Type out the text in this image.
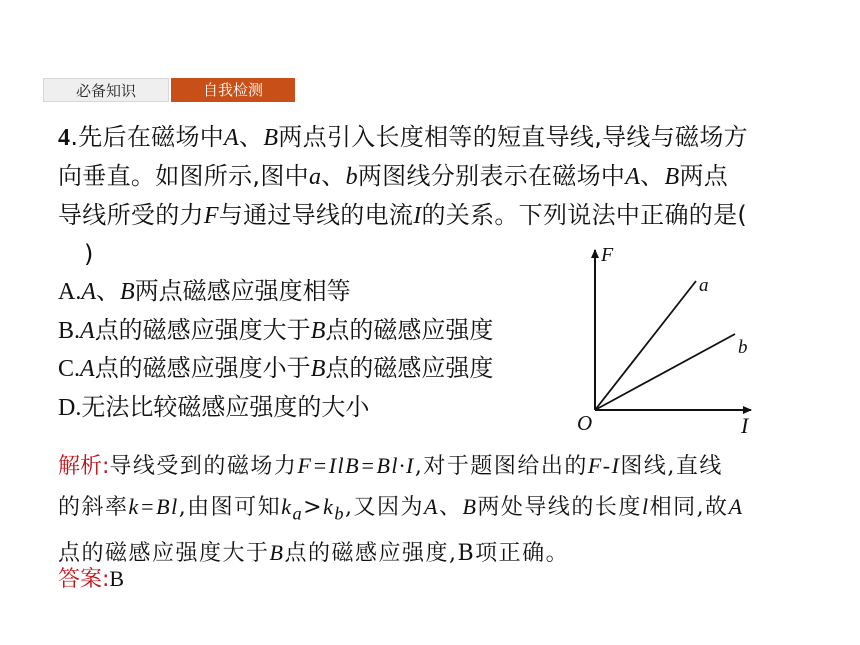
必备知识	自我检测
4.先后在磁场中A、B两点引入长度相等的短直导线,导线与磁场方
向垂直。如图所示,图中a、b两图线分别表示在磁场中A、B两点
导线所受的力F与通过导线的电流I的关系。下列说法中正确的是(
)
A.A、B两点磁感应强度相等
B.A点的磁感应强度大于B点的磁感应强度
C.A点的磁感应强度小于B点的磁感应强度
D.无法比较磁感应强度的大小
F
I
O
a
b
解析:导线受到的磁场力F=IlB=Bl·I,对于题图给出的F-I图线,直线
的斜率k=Bl,由图可知$k_a>k_b$,又因为A、B两处导线的长度l相同,故A
点的磁感应强度大于B点的磁感应强度,B项正确。
答案:B
